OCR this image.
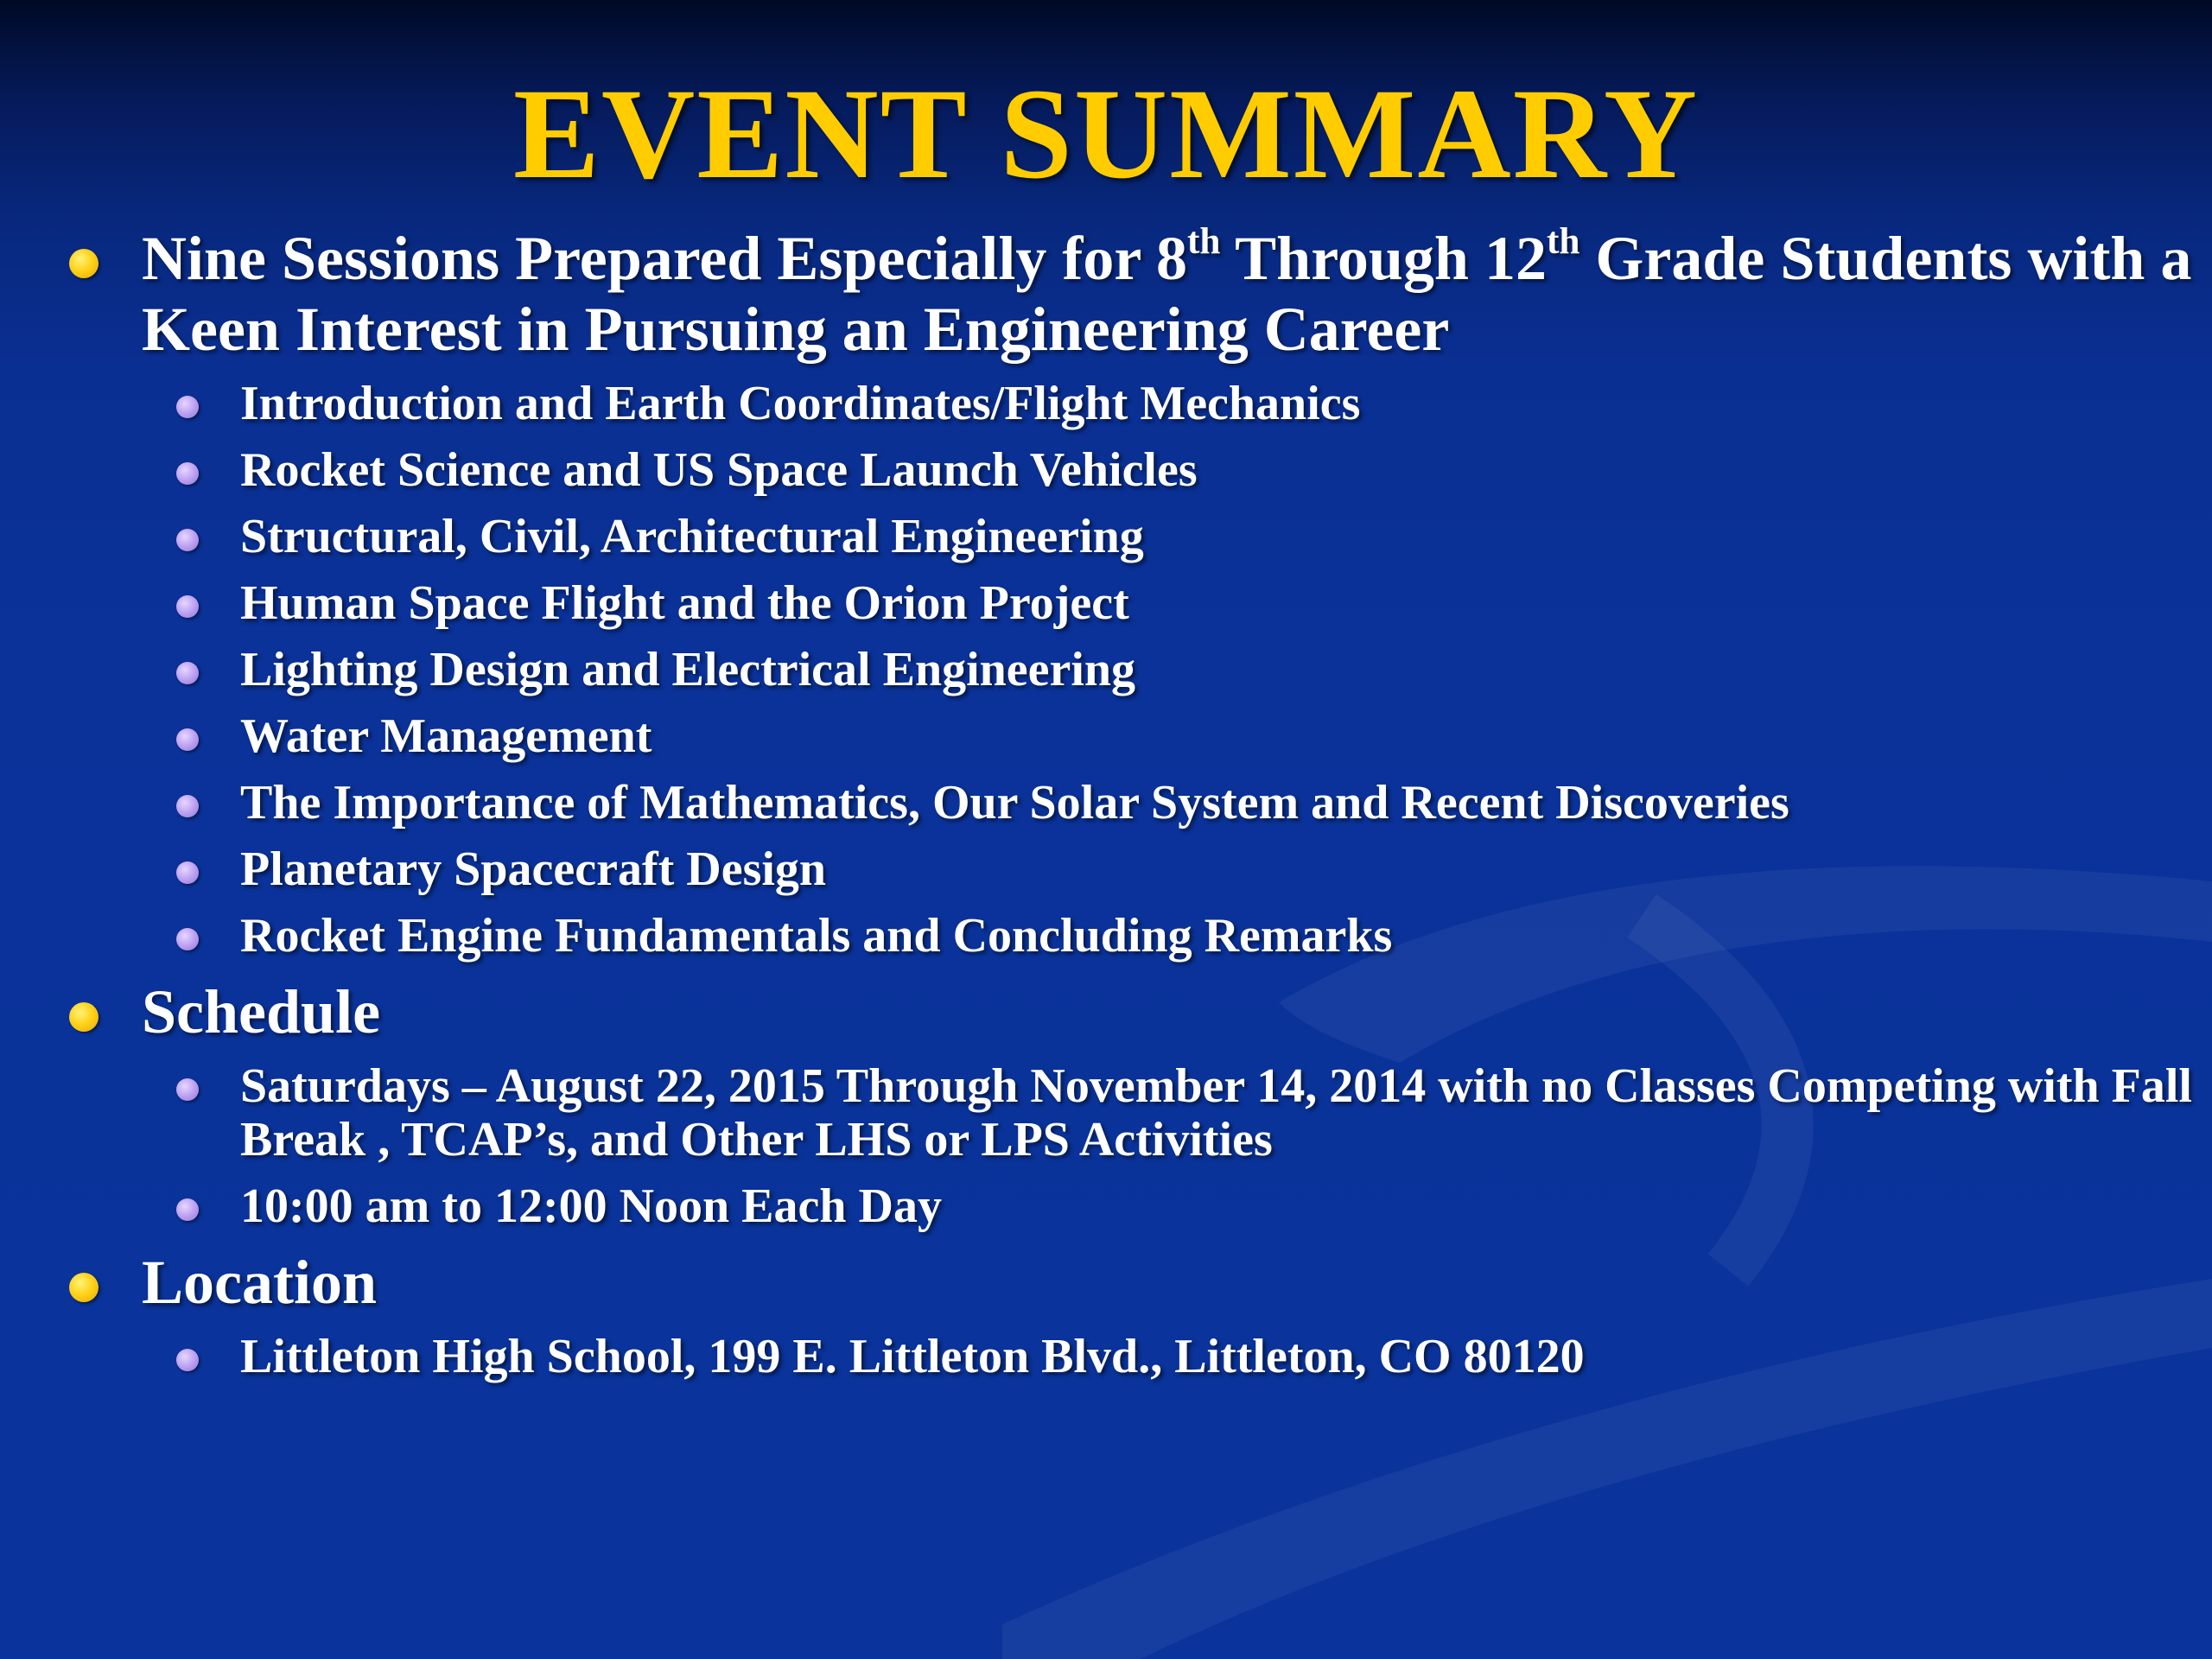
EVENT SUMMARY
Nine Sessions Prepared Especially for 8th Through 12th Grade Students with a Keen Interest in Pursuing an Engineering Career
Introduction and Earth Coordinates/Flight Mechanics
Rocket Science and US Space Launch Vehicles
Structural, Civil, Architectural Engineering
Human Space Flight and the Orion Project
Lighting Design and Electrical Engineering
Water Management
The Importance of Mathematics, Our Solar System and Recent Discoveries
Planetary Spacecraft Design
Rocket Engine Fundamentals and Concluding Remarks
Schedule
Saturdays – August 22, 2015 Through November 14, 2014 with no Classes Competing with Fall Break , TCAP’s, and Other LHS or LPS Activities
10:00 am to 12:00 Noon Each Day
Location
Littleton High School, 199 E. Littleton Blvd., Littleton, CO 80120
